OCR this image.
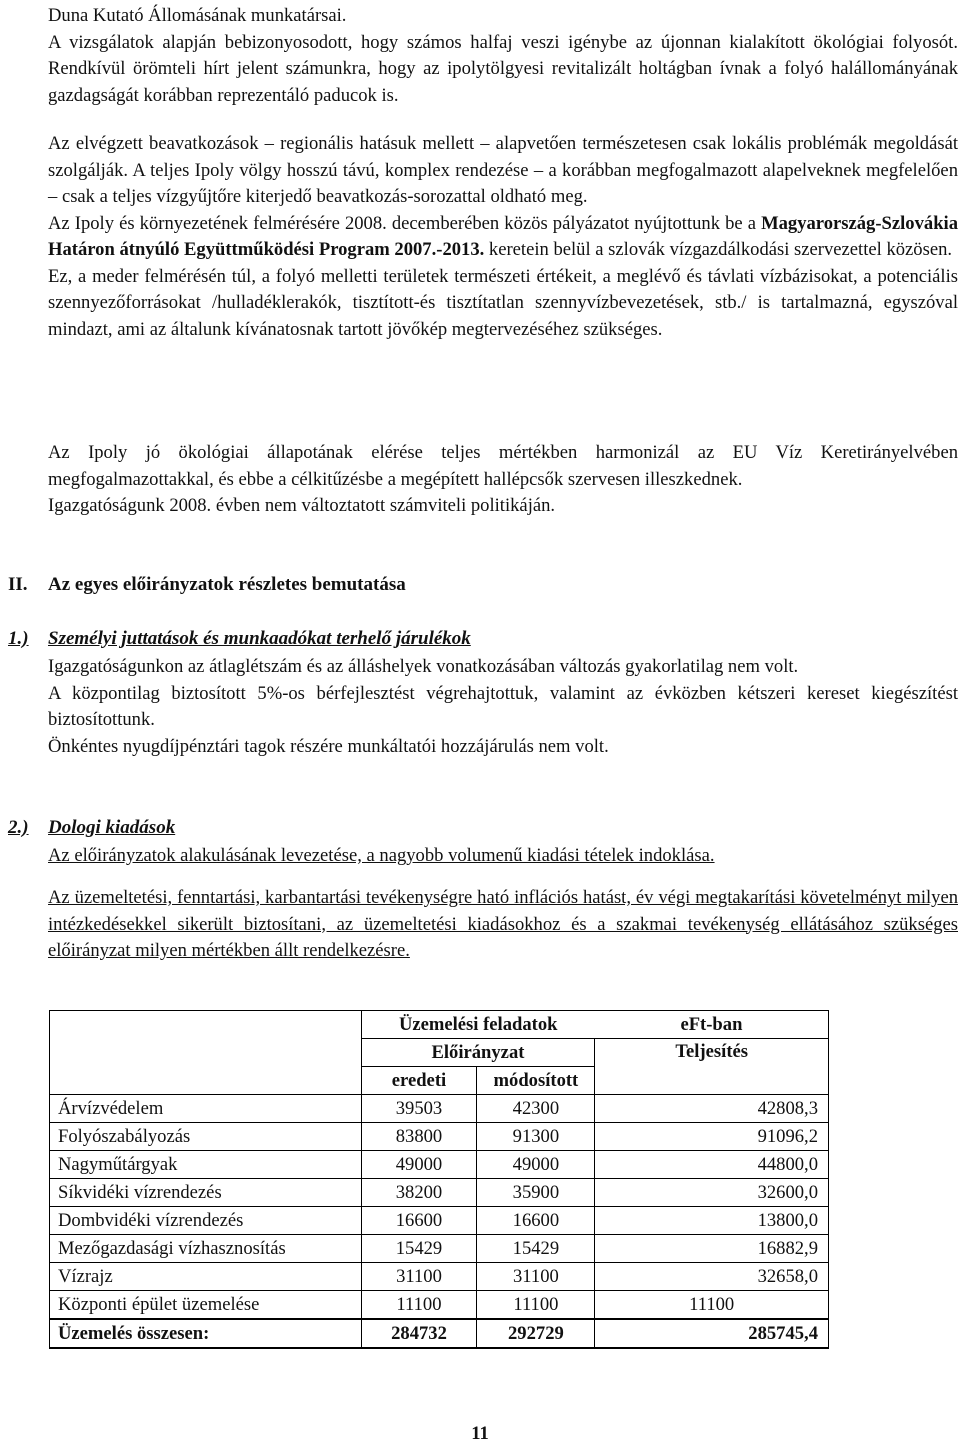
Duna Kutató Állomásának munkatársai.

A vizsgálatok alapján bebizonyosodott, hogy számos halfaj veszi igénybe az újonnan kialakított ökológiai folyosót. Rendkívül örömteli hírt jelent számunkra, hogy az ipolytölgyesi revitalizált holtágban ívnak a folyó halállományának gazdagságát korábban reprezentáló paducok is.

Az elvégzett beavatkozások – regionális hatásuk mellett – alapvetően természetesen csak lokális problémák megoldását szolgálják. A teljes Ipoly völgy hosszú távú, komplex rendezése – a korábban megfogalmazott alapelveknek megfelelően – csak a teljes vízgyűjtőre kiterjedő beavatkozás-sorozattal oldható meg.

Az Ipoly és környezetének felmérésére 2008. decemberében közös pályázatot nyújtottunk be a Magyarország-Szlovákia Határon átnyúló Együttműködési Program 2007.-2013. keretein belül a szlovák vízgazdálkodási szervezettel közösen.

Ez, a meder felmérésén túl, a folyó melletti területek természeti értékeit, a meglévő és távlati vízbázisokat, a potenciális szennyezőforrásokat /hulladéklerakók, tisztított-és tisztítatlan szennyvízbevezetések, stb./ is tartalmazná, egyszóval mindazt, ami az általunk kívánatosnak tartott jövőkép megtervezéséhez szükséges.

Az Ipoly jó ökológiai állapotának elérése teljes mértékben harmonizál az EU Víz Keretirányelvében megfogalmazottakkal, és ebbe a célkitűzésbe a megépített hallépcsők szervesen illeszkednek.

Igazgatóságunk 2008. évben nem változtatott számviteli politikáján.

II. Az egyes előirányzatok részletes bemutatása
1.) Személyi juttatások és munkaadókat terhelő járulékok

Igazgatóságunkon az átlaglétszám és az álláshelyek vonatkozásában változás gyakorlatilag nem volt.

A központilag biztosított 5%-os bérfejlesztést végrehajtottuk, valamint az évközben kétszeri kereset kiegészítést biztosítottunk.

Önkéntes nyugdíjpénztári tagok részére munkáltatói hozzájárulás nem volt.

2.) Dologi kiadások

Az előirányzatok alakulásának levezetése, a nagyobb volumenű kiadási tételek indoklása.

Az üzemeltetési, fenntartási, karbantartási tevékenységre ható inflációs hatást, év végi megtakarítási követelményt milyen intézkedésekkel sikerült biztosítani, az üzemeltetési kiadásokhoz és a szakmai tevékenység ellátásához szükséges előirányzat milyen mértékben állt rendelkezésre.

	Üzemelési feladatok		eFt-ban
	Előirányzat		Teljesítés
	eredeti	módosított	
Árvízvédelem	39503	42300	42808,3
Folyószabályozás	83800	91300	91096,2
Nagyműtárgyak	49000	49000	44800,0
Síkvidéki vízrendezés	38200	35900	32600,0
Dombvidéki vízrendezés	16600	16600	13800,0
Mezőgazdasági vízhasznosítás	15429	15429	16882,9
Vízrajz	31100	31100	32658,0
Központi épület üzemelése	11100	11100	11100
Üzemelés összesen:	284732	292729	285745,4
11
